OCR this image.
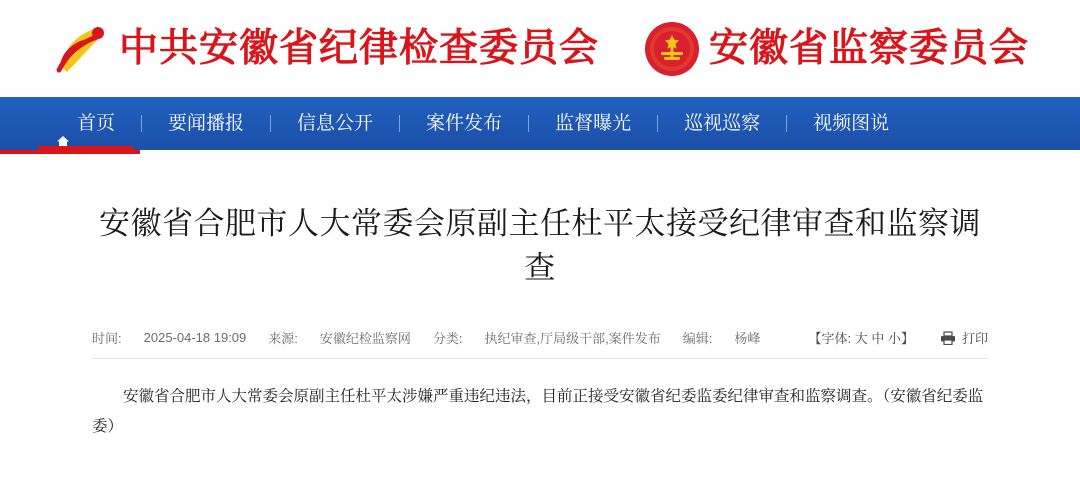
中共安徽省纪律检查委员会	安徽省监察委员会
首页	要闻播报	信息公开	案件发布	监督曝光	巡视巡察	视频图说
安徽省合肥市人大常委会原副主任杜平太接受纪律审查和监察调查
时间: 2025-04-18 19:09 来源: 安徽纪检监察网 分类: 执纪审查,厅局级干部,案件发布 编辑: 杨峰	【字体: 大 中 小】	打印

安徽省合肥市人大常委会原副主任杜平太涉嫌严重违纪违法，目前正接受安徽省纪委监委纪律审查和监察调查。（安徽省纪委监委）
